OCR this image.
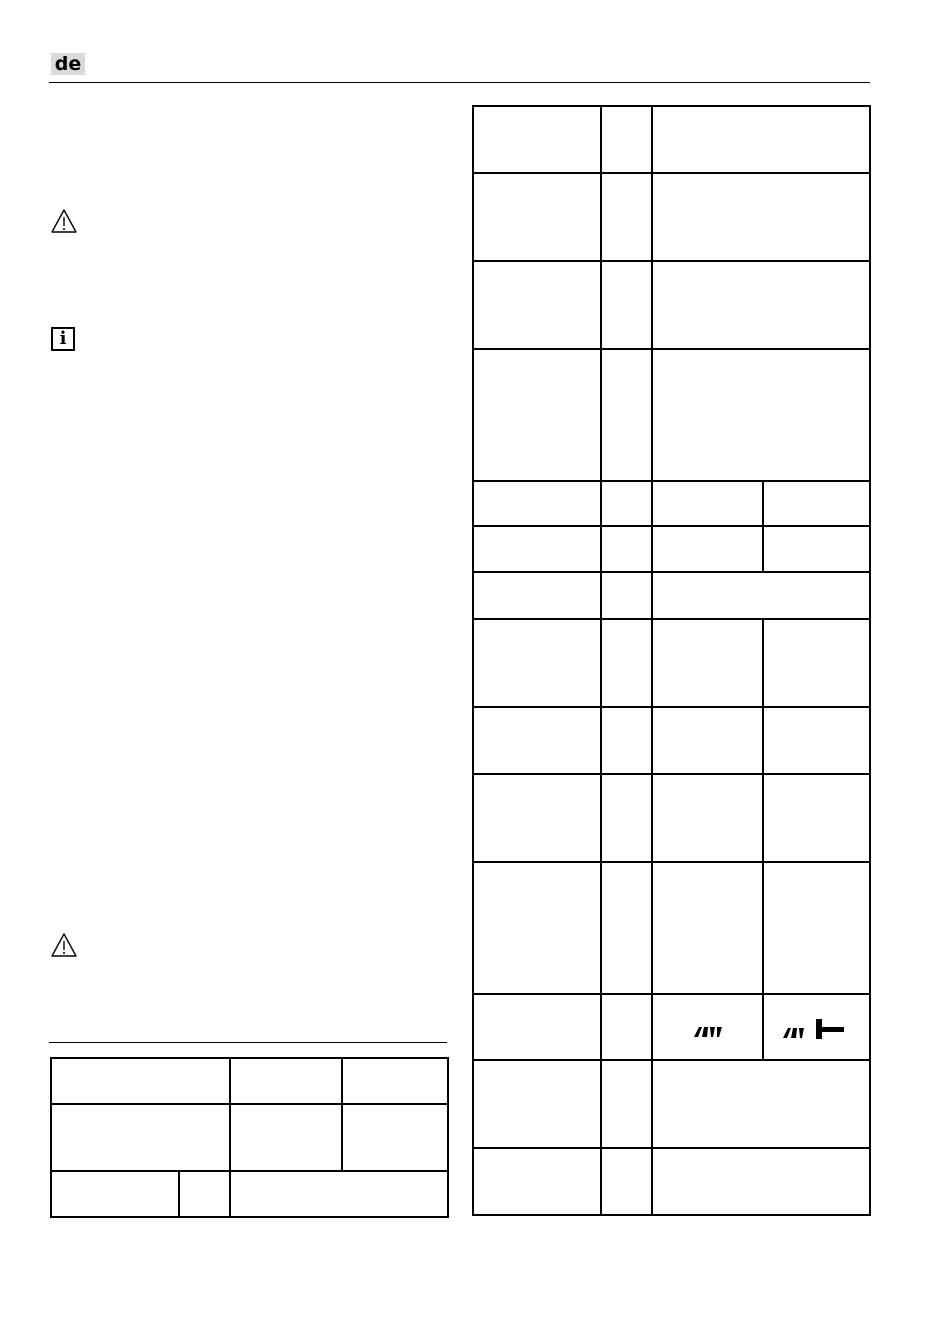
de
i
